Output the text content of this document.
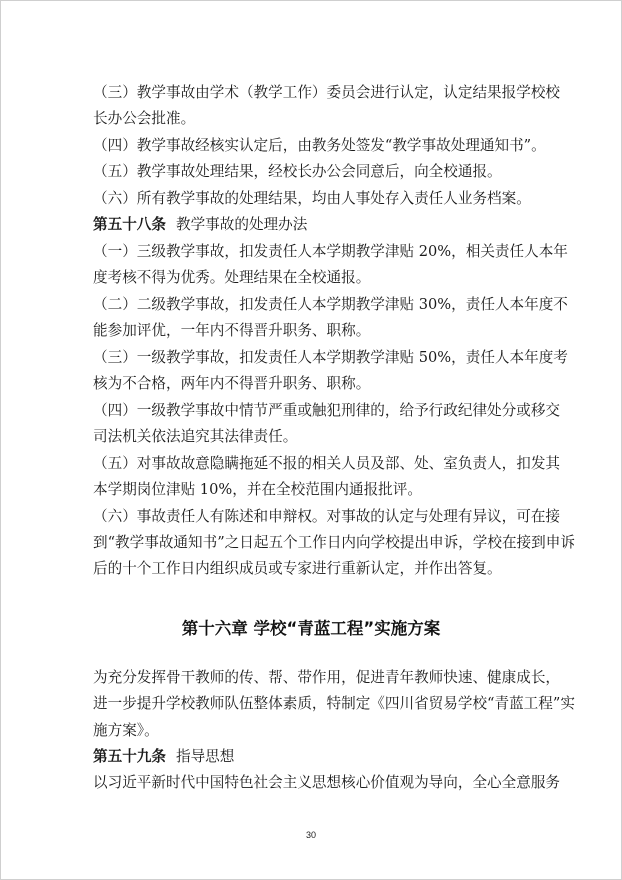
（三）教学事故由学术（教学工作）委员会进行认定，认定结果报学校校
长办公会批准。
（四）教学事故经核实认定后，由教务处签发“教学事故处理通知书”。
（五）教学事故处理结果，经校长办公会同意后，向全校通报。
（六）所有教学事故的处理结果，均由人事处存入责任人业务档案。
第五十八条 教学事故的处理办法
（一）三级教学事故，扣发责任人本学期教学津贴 20%，相关责任人本年
度考核不得为优秀。处理结果在全校通报。
（二）二级教学事故，扣发责任人本学期教学津贴 30%，责任人本年度不
能参加评优，一年内不得晋升职务、职称。
（三）一级教学事故，扣发责任人本学期教学津贴 50%，责任人本年度考
核为不合格，两年内不得晋升职务、职称。
（四）一级教学事故中情节严重或触犯刑律的，给予行政纪律处分或移交
司法机关依法追究其法律责任。
（五）对事故故意隐瞒拖延不报的相关人员及部、处、室负责人，扣发其
本学期岗位津贴 10%，并在全校范围内通报批评。
（六）事故责任人有陈述和申辩权。对事故的认定与处理有异议，可在接
到“教学事故通知书”之日起五个工作日内向学校提出申诉，学校在接到申诉
后的十个工作日内组织成员或专家进行重新认定，并作出答复。
第十六章 学校“青蓝工程”实施方案
为充分发挥骨干教师的传、帮、带作用，促进青年教师快速、健康成长，
进一步提升学校教师队伍整体素质，特制定《四川省贸易学校“青蓝工程”实
施方案》。
第五十九条 指导思想
以习近平新时代中国特色社会主义思想核心价值观为导向，全心全意服务
30
